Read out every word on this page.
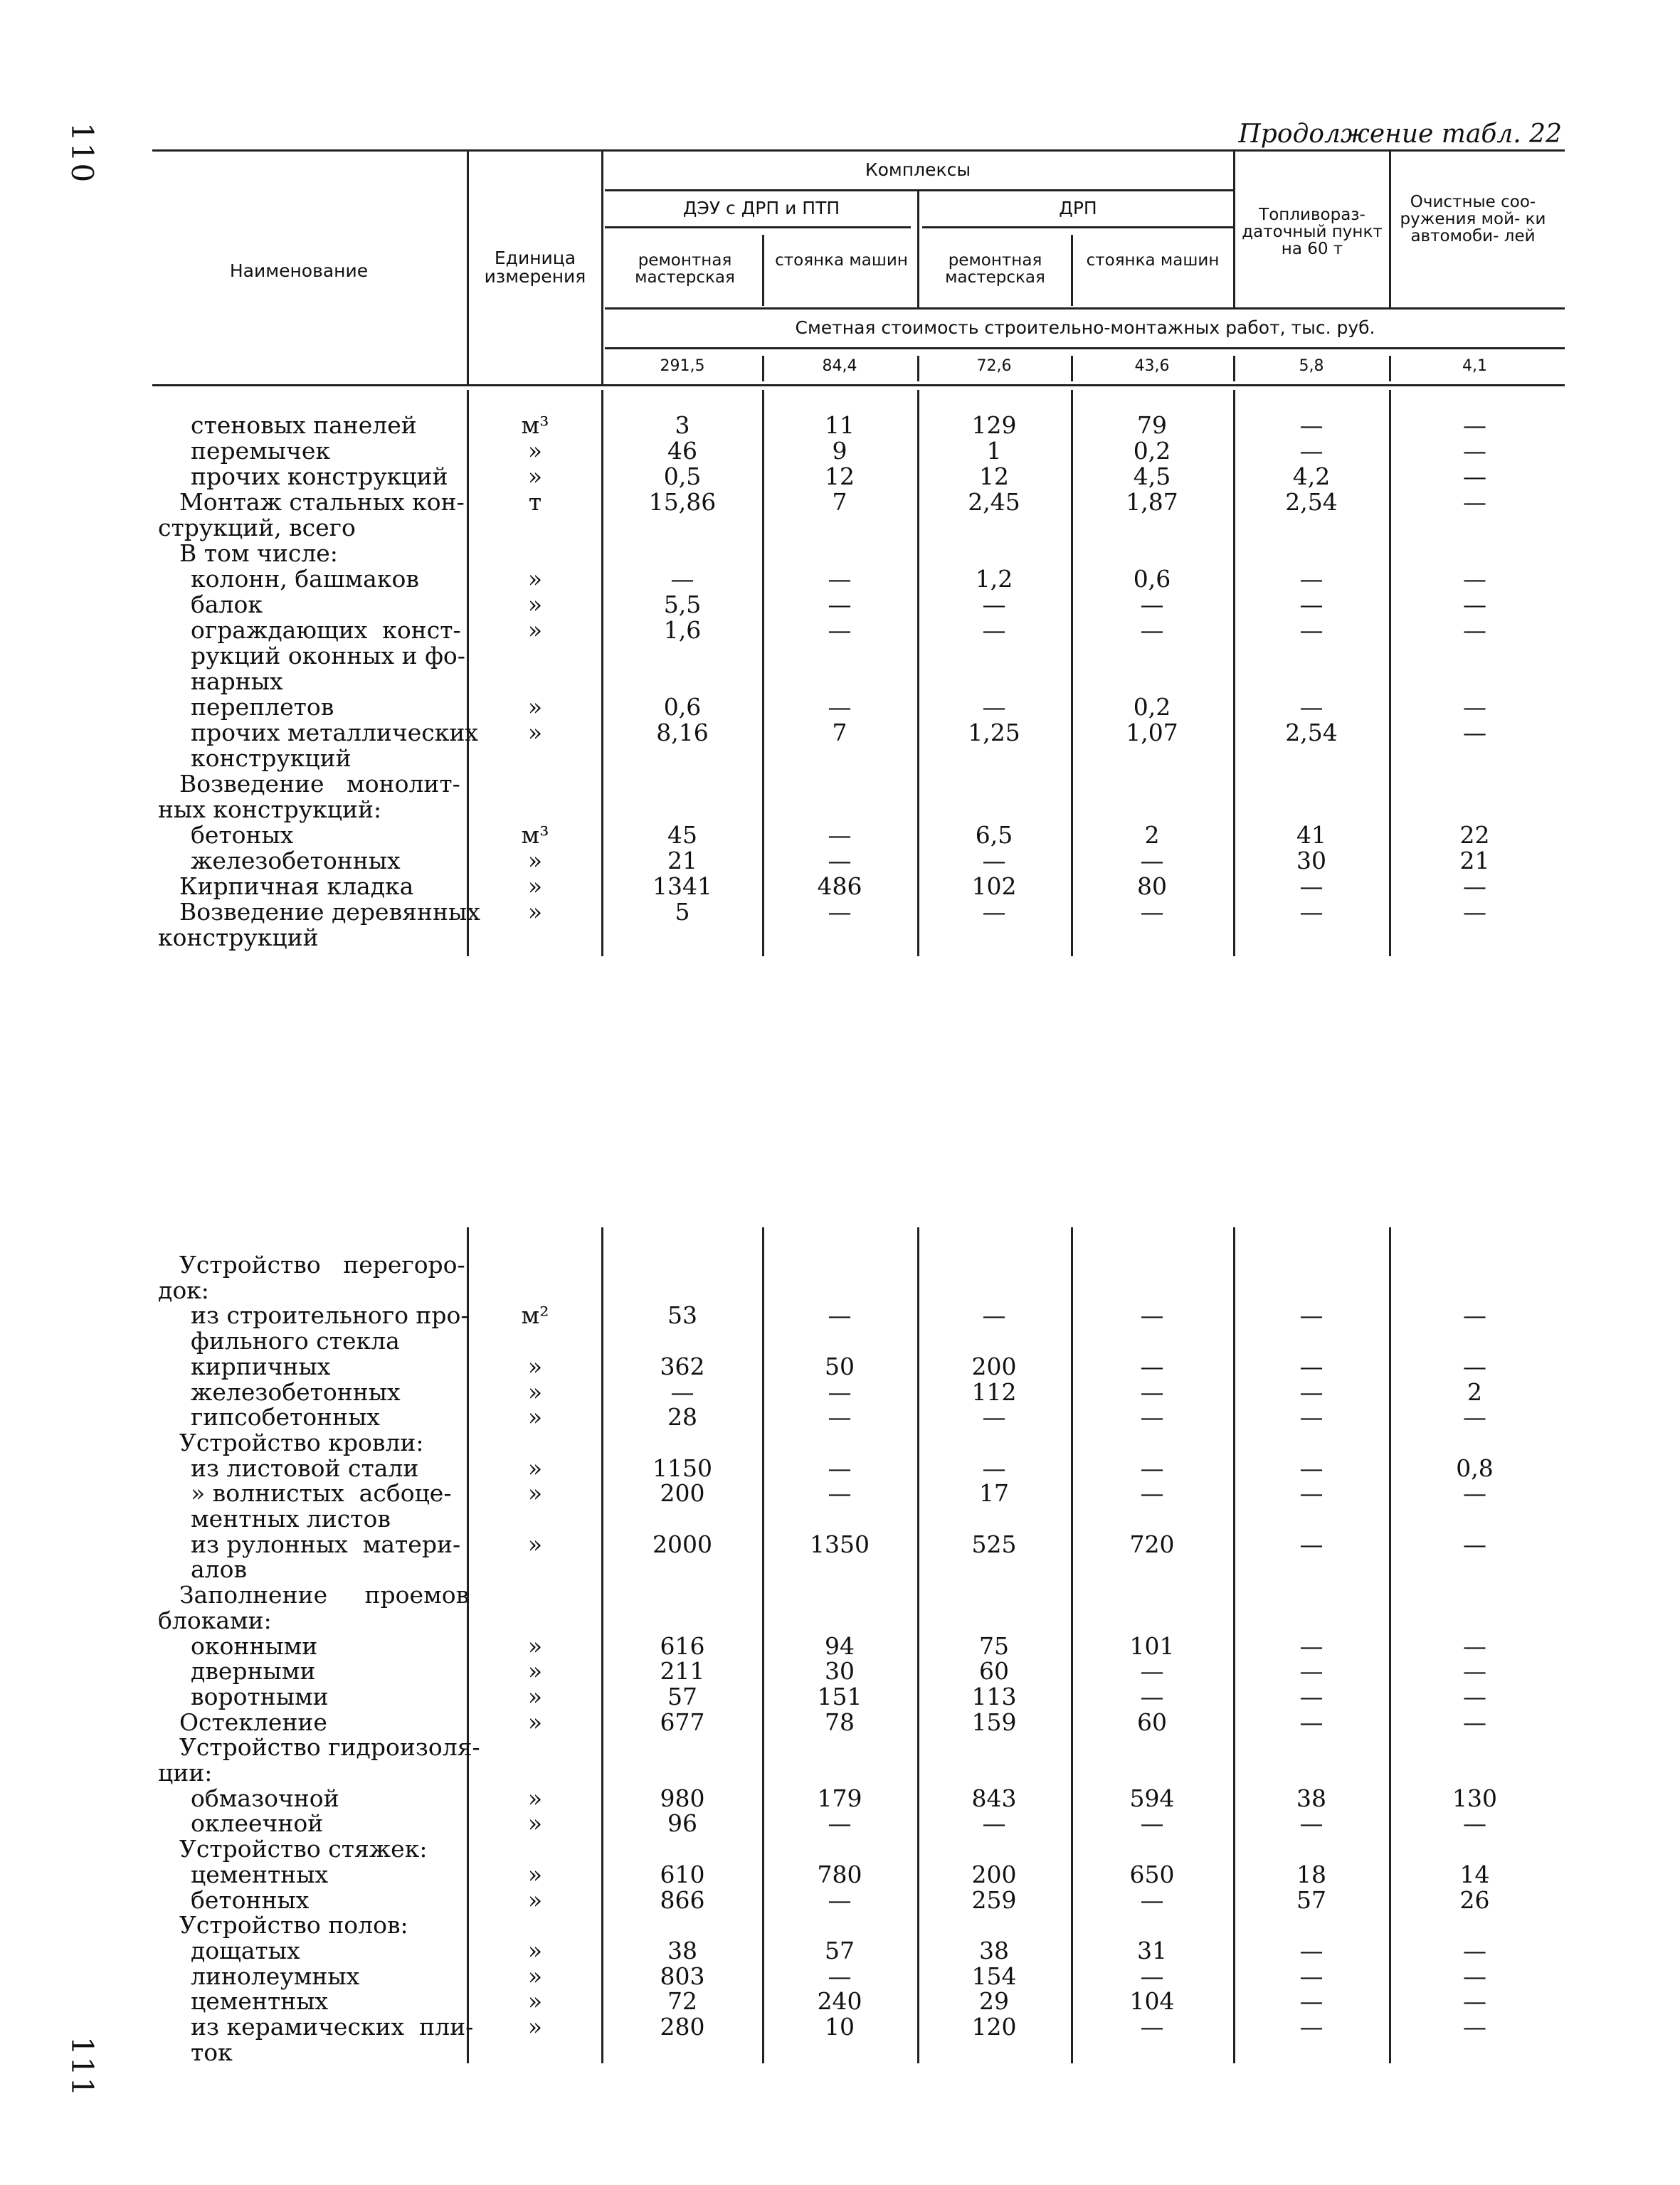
110
111
Продолжение табл. 22
Наименование
Единица измерения
Комплексы
ДЭУ с ДРП и ПТП	ДРП
ремонтная мастерская
стоянка машин	ремонтная мастерская
стоянка машин
Топливораз- даточный пункт на 60 т
Очистные соо- ружения мой- ки автомоби- лей
Сметная стоимость строительно-монтажных работ, тыс. руб.
291,5	84,4	72,6	43,6	5,8	4,1
стеновых панелей	м³	3	11	129	79	—	—
перемычек	»	46	9	1	0,2	—	—
прочих конструкций	»	0,5	12	12	4,5	4,2	—
Монтаж стальных кон-	т	15,86	7	2,45	1,87	2,54	—
струкций, всего
В том числе:
колонн, башмаков	»	—	—	1,2	0,6	—	—
балок	»	5,5	—	—	—	—	—
ограждающих  конст-	»	1,6	—	—	—	—	—
рукций оконных и фо-
нарных
переплетов	»	0,6	—	—	0,2	—	—
прочих металлических	»	8,16	7	1,25	1,07	2,54	—
конструкций
Возведение   монолит-
ных конструкций:
бетоных	м³	45	—	6,5	2	41	22
железобетонных	»	21	—	—	—	30	21
Кирпичная кладка	»	1341	486	102	80	—	—
Возведение деревянных	»	5	—	—	—	—	—
конструкций
Устройство   перегоро-
док:
из строительного про-	м²	53	—	—	—	—	—
фильного стекла
кирпичных	»	362	50	200	—	—	—
железобетонных	»	—	—	112	—	—	2
гипсобетонных	»	28	—	—	—	—	—
Устройство кровли:
из листовой стали	»	1150	—	—	—	—	0,8
» волнистых  асбоце-	»	200	—	17	—	—	—
ментных листов
из рулонных  матери-	»	2000	1350	525	720	—	—
алов
Заполнение     проемов
блоками:
оконными	»	616	94	75	101	—	—
дверными	»	211	30	60	—	—	—
воротными	»	57	151	113	—	—	—
Остекление	»	677	78	159	60	—	—
Устройство гидроизоля-
ции:
обмазочной	»	980	179	843	594	38	130
оклеечной	»	96	—	—	—	—	—
Устройство стяжек:
цементных	»	610	780	200	650	18	14
бетонных	»	866	—	259	—	57	26
Устройство полов:
дощатых	»	38	57	38	31	—	—
линолеумных	»	803	—	154	—	—	—
цементных	»	72	240	29	104	—	—
из керамических  пли-	»	280	10	120	—	—	—
ток
